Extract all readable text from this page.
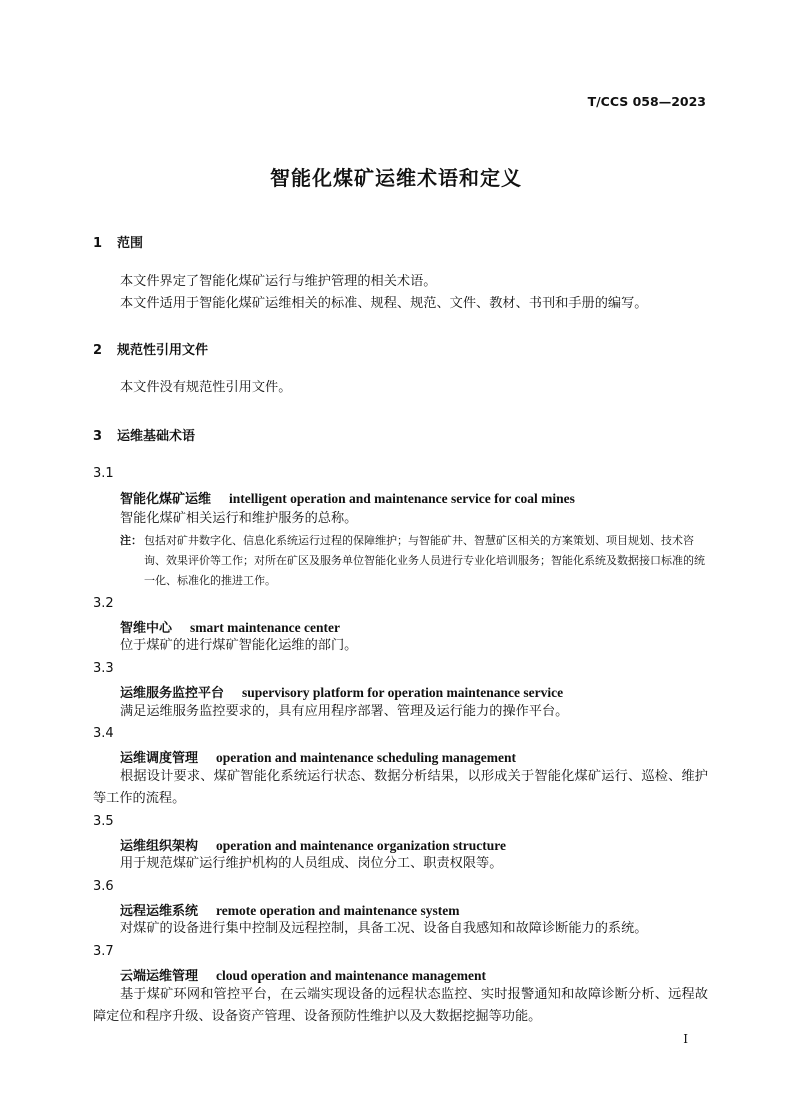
T/CCS 058—2023
智能化煤矿运维术语和定义
1 范围
本文件界定了智能化煤矿运行与维护管理的相关术语。
本文件适用于智能化煤矿运维相关的标准、规程、规范、文件、教材、书刊和手册的编写。
2 规范性引用文件
本文件没有规范性引用文件。
3 运维基础术语
3.1
智能化煤矿运维 intelligent operation and maintenance service for coal mines
智能化煤矿相关运行和维护服务的总称。
注： 包括对矿井数字化、信息化系统运行过程的保障维护；与智能矿井、智慧矿区相关的方案策划、项目规划、技术咨询、效果评价等工作；对所在矿区及服务单位智能化业务人员进行专业化培训服务；智能化系统及数据接口标准的统一化、标准化的推进工作。
3.2
智维中心 smart maintenance center
位于煤矿的进行煤矿智能化运维的部门。
3.3
运维服务监控平台 supervisory platform for operation maintenance service
满足运维服务监控要求的，具有应用程序部署、管理及运行能力的操作平台。
3.4
运维调度管理 operation and maintenance scheduling management
根据设计要求、煤矿智能化系统运行状态、数据分析结果，以形成关于智能化煤矿运行、巡检、维护等工作的流程。
3.5
运维组织架构 operation and maintenance organization structure
用于规范煤矿运行维护机构的人员组成、岗位分工、职责权限等。
3.6
远程运维系统 remote operation and maintenance system
对煤矿的设备进行集中控制及远程控制，具备工况、设备自我感知和故障诊断能力的系统。
3.7
云端运维管理 cloud operation and maintenance management
基于煤矿环网和管控平台，在云端实现设备的远程状态监控、实时报警通知和故障诊断分析、远程故障定位和程序升级、设备资产管理、设备预防性维护以及大数据挖掘等功能。
I
